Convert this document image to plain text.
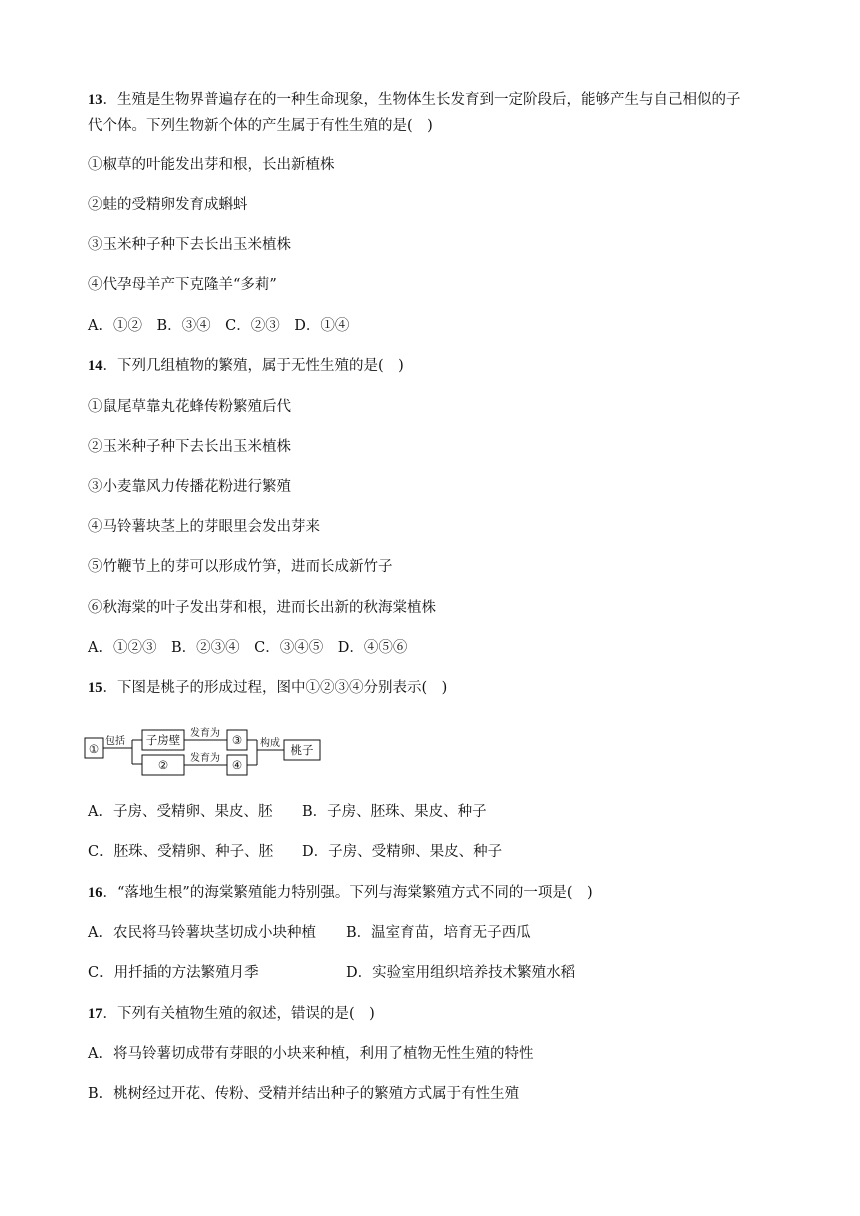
13．生殖是生物界普遍存在的一种生命现象，生物体生长发育到一定阶段后，能够产生与自己相似的子
代个体。下列生物新个体的产生属于有性生殖的是(　)
①椒草的叶能发出芽和根，长出新植株
②蛙的受精卵发育成蝌蚪
③玉米种子种下去长出玉米植株
④代孕母羊产下克隆羊“多莉”
A．①②　B．③④　C．②③　D．①④
14．下列几组植物的繁殖，属于无性生殖的是(　)
①鼠尾草靠丸花蜂传粉繁殖后代
②玉米种子种下去长出玉米植株
③小麦靠风力传播花粉进行繁殖
④马铃薯块茎上的芽眼里会发出芽来
⑤竹鞭节上的芽可以形成竹笋，进而长成新竹子
⑥秋海棠的叶子发出芽和根，进而长出新的秋海棠植株
A．①②③　B．②③④　C．③④⑤　D．④⑤⑥
15．下图是桃子的形成过程，图中①②③④分别表示(　)
①
包括 子房壁
②
发育为
发育为
③
④
构成 桃子
A．子房、受精卵、果皮、胚 B．子房、胚珠、果皮、种子
C．胚珠、受精卵、种子、胚 D．子房、受精卵、果皮、种子
16．“落地生根”的海棠繁殖能力特别强。下列与海棠繁殖方式不同的一项是(　)
A．农民将马铃薯块茎切成小块种植 B．温室育苗，培育无子西瓜
C．用扦插的方法繁殖月季	D．实验室用组织培养技术繁殖水稻
17．下列有关植物生殖的叙述，错误的是(　)
A．将马铃薯切成带有芽眼的小块来种植，利用了植物无性生殖的特性
B．桃树经过开花、传粉、受精并结出种子的繁殖方式属于有性生殖
